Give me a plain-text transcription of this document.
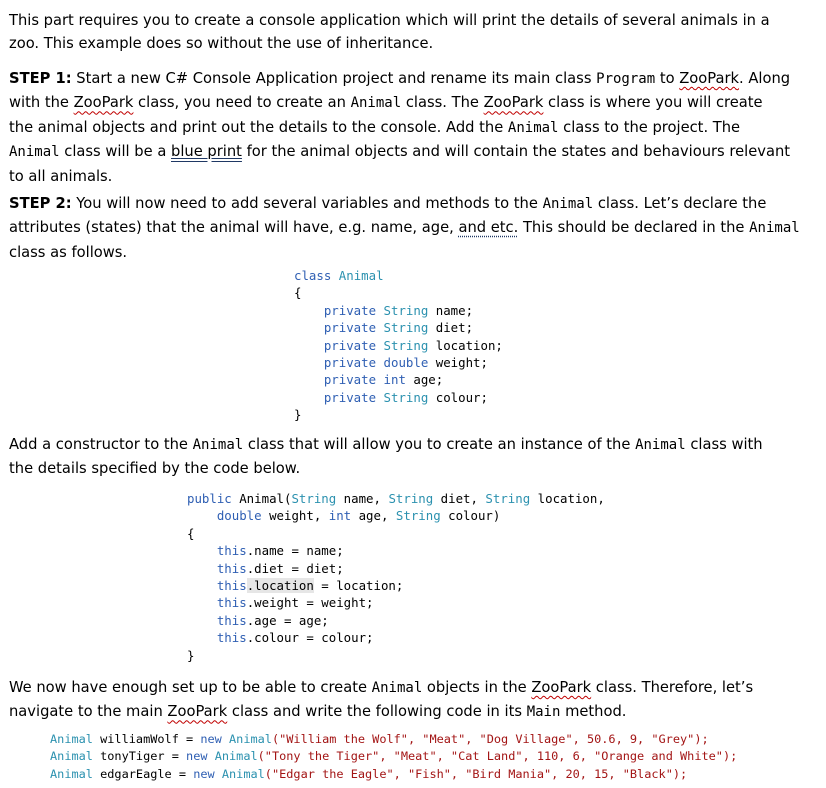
This part requires you to create a console application which will print the details of several animals in a
zoo. This example does so without the use of inheritance.

STEP 1: Start a new C# Console Application project and rename its main class Program to ZooPark. Along
with the ZooPark class, you need to create an Animal class. The ZooPark class is where you will create
the animal objects and print out the details to the console. Add the Animal class to the project. The
Animal class will be a blue print for the animal objects and will contain the states and behaviours relevant
to all animals.

STEP 2: You will now need to add several variables and methods to the Animal class. Let’s declare the
attributes (states) that the animal will have, e.g. name, age, and etc. This should be declared in the Animal
class as follows.

class Animal
{
private String name;
private String diet;
private String location;
private double weight;
private int age;
private String colour;
}

Add a constructor to the Animal class that will allow you to create an instance of the Animal class with
the details specified by the code below.

public Animal(String name, String diet, String location,
double weight, int age, String colour)
{
this.name = name;
this.diet = diet;
this.location = location;
this.weight = weight;
this.age = age;
this.colour = colour;
}

We now have enough set up to be able to create Animal objects in the ZooPark class. Therefore, let’s
navigate to the main ZooPark class and write the following code in its Main method.

Animal williamWolf = new Animal("William the Wolf", "Meat", "Dog Village", 50.6, 9, "Grey");
Animal tonyTiger = new Animal("Tony the Tiger", "Meat", "Cat Land", 110, 6, "Orange and White");
Animal edgarEagle = new Animal("Edgar the Eagle", "Fish", "Bird Mania", 20, 15, "Black");
